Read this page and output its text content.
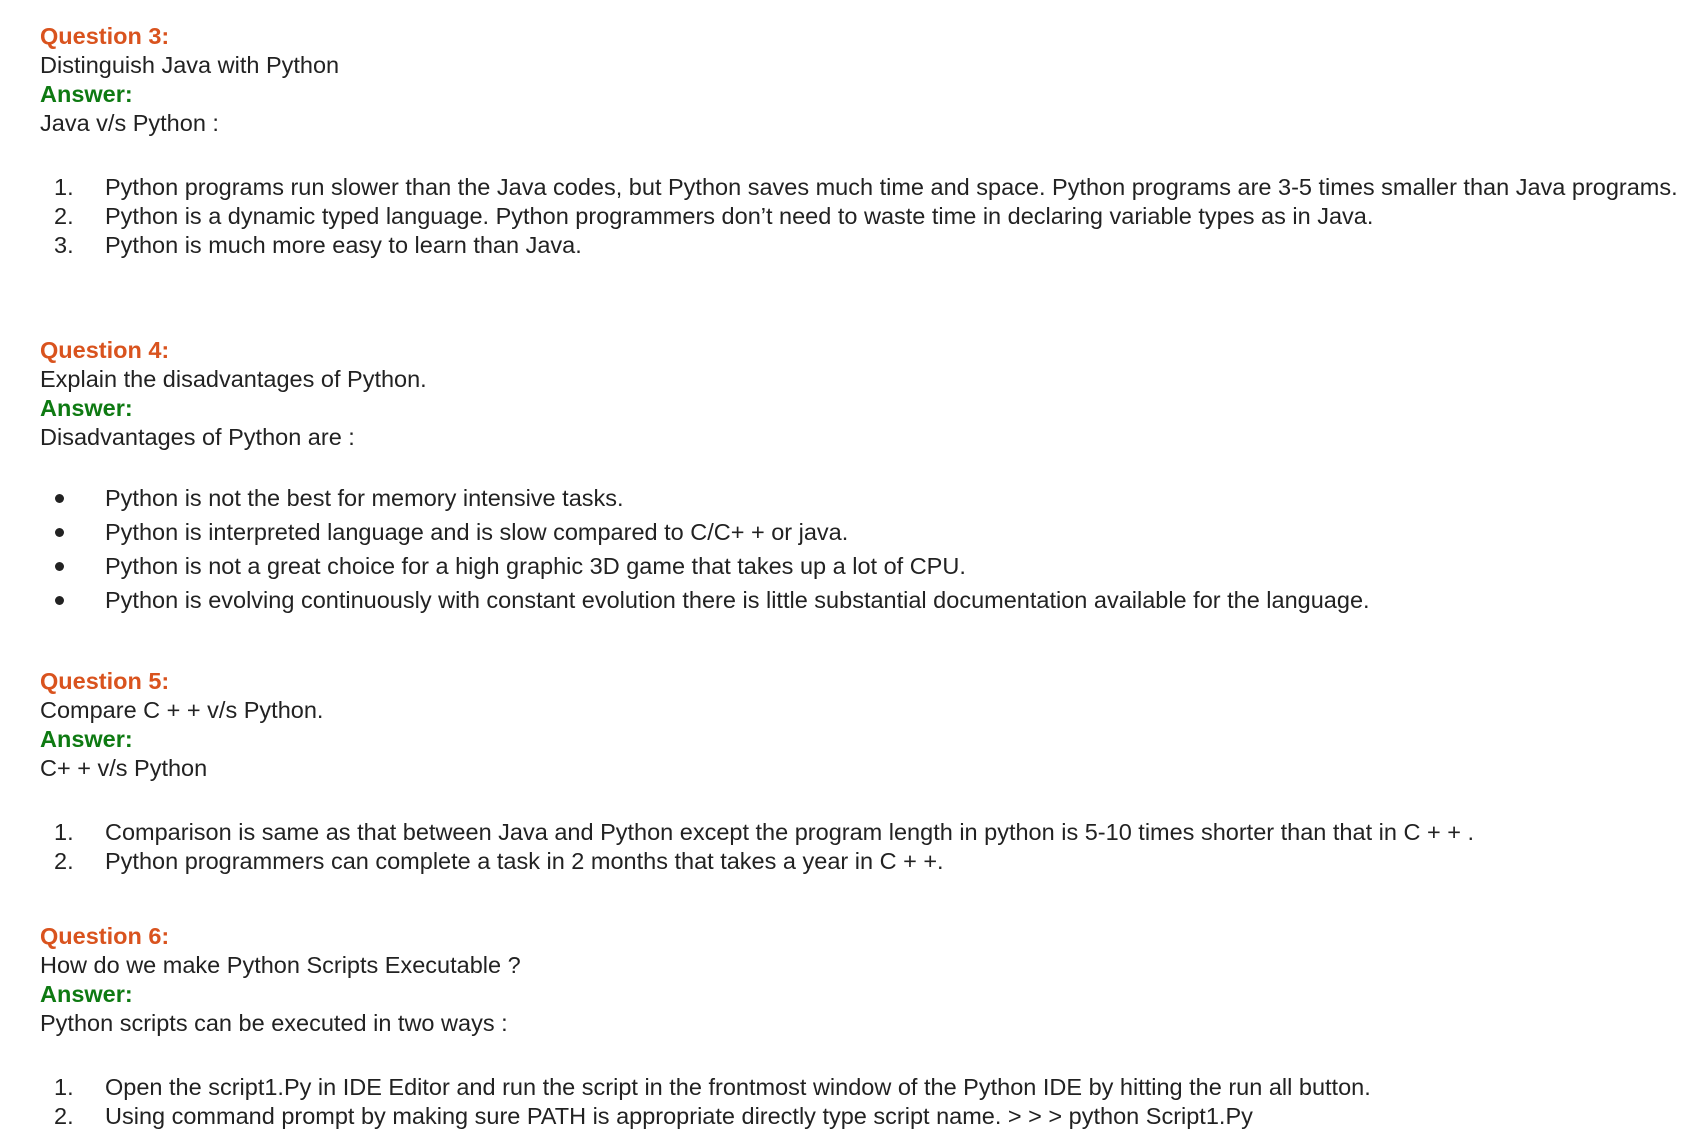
Question 3:

Distinguish Java with Python

Answer:

Java v/s Python :

1.	Python programs run slower than the Java codes, but Python saves much time and space. Python programs are 3-5 times smaller than Java programs.
2.	Python is a dynamic typed language. Python programmers don’t need to waste time in declaring variable types as in Java.
3.	Python is much more easy to learn than Java.

Question 4:

Explain the disadvantages of Python.

Answer:

Disadvantages of Python are :

Python is not the best for memory intensive tasks.
Python is interpreted language and is slow compared to C/C+ + or java.
Python is not a great choice for a high graphic 3D game that takes up a lot of CPU.
Python is evolving continuously with constant evolution there is little substantial documentation available for the language.

Question 5:

Compare C + + v/s Python.

Answer:

C+ + v/s Python

1.	Comparison is same as that between Java and Python except the program length in python is 5-10 times shorter than that in C + + .
2.	Python programmers can complete a task in 2 months that takes a year in C + +.

Question 6:

How do we make Python Scripts Executable ?

Answer:

Python scripts can be executed in two ways :

1.	Open the script1.Py in IDE Editor and run the script in the frontmost window of the Python IDE by hitting the run all button.
2.	Using command prompt by making sure PATH is appropriate directly type script name. > > > python Script1.Py
